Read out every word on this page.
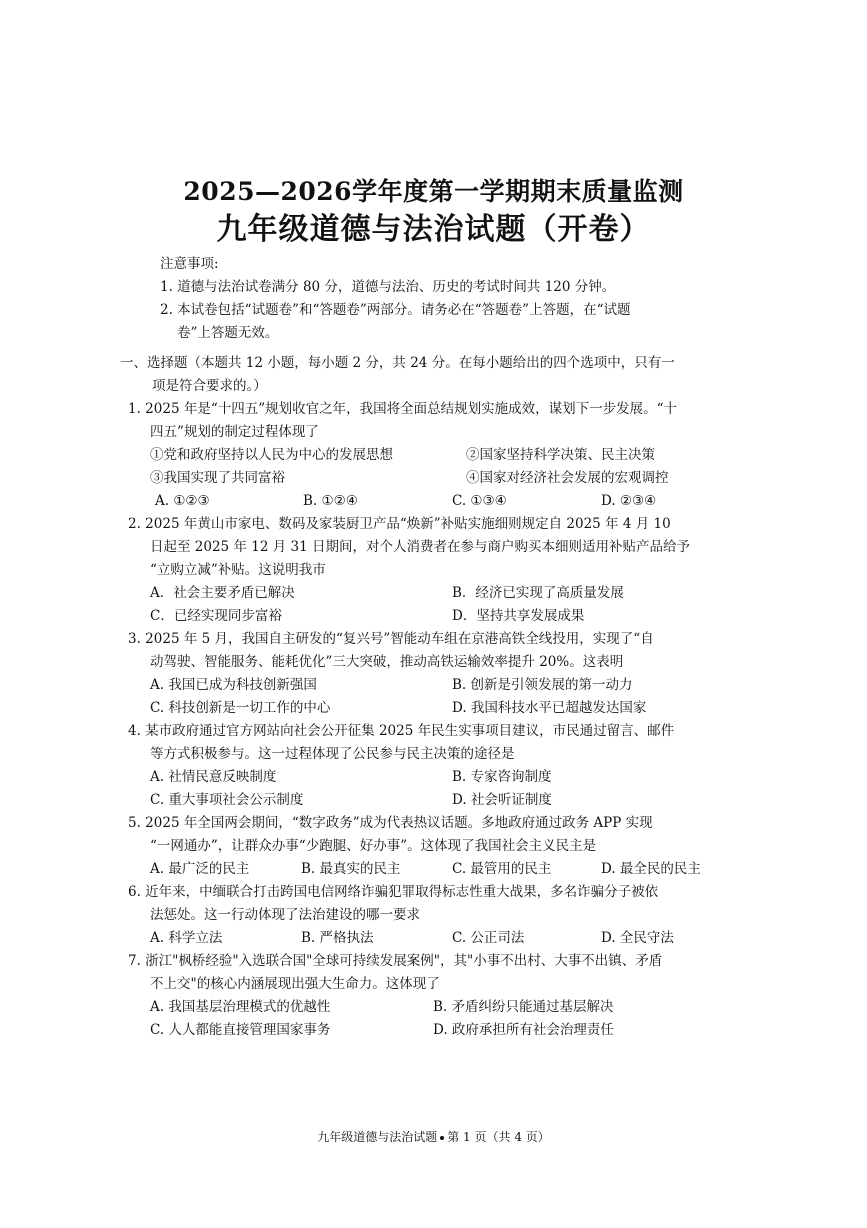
2025—2026学年度第一学期期末质量监测
九年级道德与法治试题（开卷）
注意事项:
1. 道德与法治试卷满分 80 分，道德与法治、历史的考试时间共 120 分钟。
2. 本试卷包括“试题卷”和“答题卷”两部分。请务必在“答题卷”上答题，在“试题
卷”上答题无效。
一、选择题（本题共 12 小题，每小题 2 分，共 24 分。在每小题给出的四个选项中，只有一
项是符合要求的。）
1. 2025 年是“十四五”规划收官之年，我国将全面总结规划实施成效，谋划下一步发展。“十
四五”规划的制定过程体现了
①党和政府坚持以人民为中心的发展思想	②国家坚持科学决策、民主决策
③我国实现了共同富裕	④国家对经济社会发展的宏观调控
A. ①②③	B. ①②④	C. ①③④	D. ②③④
2. 2025 年黄山市家电、数码及家装厨卫产品“焕新”补贴实施细则规定自 2025 年 4 月 10
日起至 2025 年 12 月 31 日期间，对个人消费者在参与商户购买本细则适用补贴产品给予
“立购立减”补贴。这说明我市
A．社会主要矛盾已解决	B．经济已实现了高质量发展
C．已经实现同步富裕	D．坚持共享发展成果
3. 2025 年 5 月，我国自主研发的“复兴号”智能动车组在京港高铁全线投用，实现了“自
动驾驶、智能服务、能耗优化”三大突破，推动高铁运输效率提升 20%。这表明
A. 我国已成为科技创新强国	B. 创新是引领发展的第一动力
C. 科技创新是一切工作的中心	D. 我国科技水平已超越发达国家
4. 某市政府通过官方网站向社会公开征集 2025 年民生实事项目建议，市民通过留言、邮件
等方式积极参与。这一过程体现了公民参与民主决策的途径是
A. 社情民意反映制度	B. 专家咨询制度
C. 重大事项社会公示制度	D. 社会听证制度
5. 2025 年全国两会期间，“数字政务”成为代表热议话题。多地政府通过政务 APP 实现
“一网通办”，让群众办事“少跑腿、好办事”。这体现了我国社会主义民主是
A. 最广泛的民主	B. 最真实的民主	C. 最管用的民主	D. 最全民的民主
6. 近年来，中缅联合打击跨国电信网络诈骗犯罪取得标志性重大战果，多名诈骗分子被依
法惩处。这一行动体现了法治建设的哪一要求
A. 科学立法	B. 严格执法	C. 公正司法	D. 全民守法
7. 浙江"枫桥经验"入选联合国"全球可持续发展案例"，其"小事不出村、大事不出镇、矛盾
不上交"的核心内涵展现出强大生命力。这体现了
A. 我国基层治理模式的优越性	B. 矛盾纠纷只能通过基层解决
C. 人人都能直接管理国家事务	D. 政府承担所有社会治理责任
九年级道德与法治试题 第 1 页（共 4 页）
